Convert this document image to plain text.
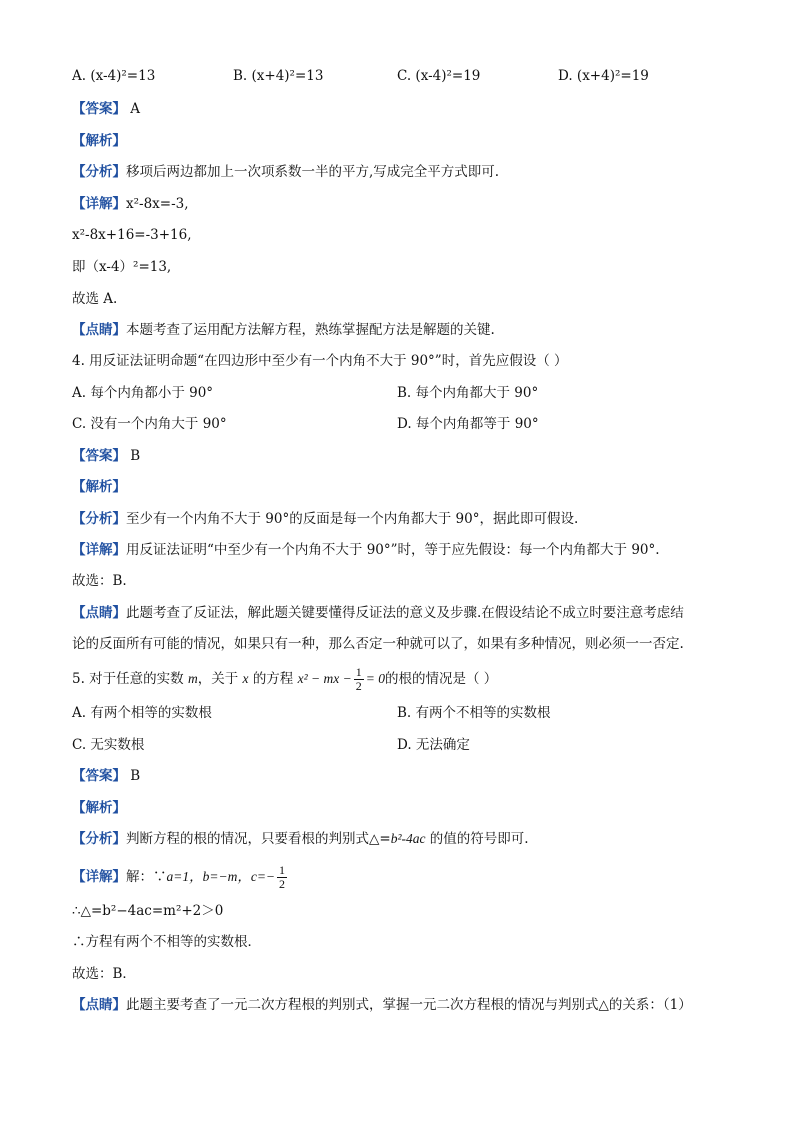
A. (x-4)²=13	B. (x+4)²=13	C. (x-4)²=19	D. (x+4)²=19
【答案】 A
【解析】
【分析】移项后两边都加上一次项系数一半的平方,写成完全平方式即可.
【详解】x²-8x=-3,
x²-8x+16=-3+16,
即（x-4）²=13,
故选 A.
【点睛】本题考查了运用配方法解方程，熟练掌握配方法是解题的关键.
4. 用反证法证明命题“在四边形中至少有一个内角不大于 90°”时，首先应假设（ ）
A. 每个内角都小于 90°	B. 每个内角都大于 90°
C. 没有一个内角大于 90°	D. 每个内角都等于 90°
【答案】 B
【解析】
【分析】至少有一个内角不大于 90°的反面是每一个内角都大于 90°，据此即可假设.
【详解】用反证法证明“中至少有一个内角不大于 90°”时，等于应先假设：每一个内角都大于 90°.
故选：B.
【点睛】此题考查了反证法，解此题关键要懂得反证法的意义及步骤.在假设结论不成立时要注意考虑结
论的反面所有可能的情况，如果只有一种，那么否定一种就可以了，如果有多种情况，则必须一一否定.
5. 对于任意的实数 m，关于 x 的方程 x² − mx − $\frac{1}{2} = 0$的根的情况是（ ）
A. 有两个相等的实数根	B. 有两个不相等的实数根
C. 无实数根	D. 无法确定
【答案】 B
【解析】
【分析】判断方程的根的情况，只要看根的判别式△=b²-4ac 的值的符号即可.
【详解】解：∵a=1，b=−m，$c=- \frac{1}{2}$
∴△=b²−4ac=m²+2＞0
∴方程有两个不相等的实数根．
故选：B．
【点睛】此题主要考查了一元二次方程根的判别式，掌握一元二次方程根的情况与判别式△的关系：（1）
